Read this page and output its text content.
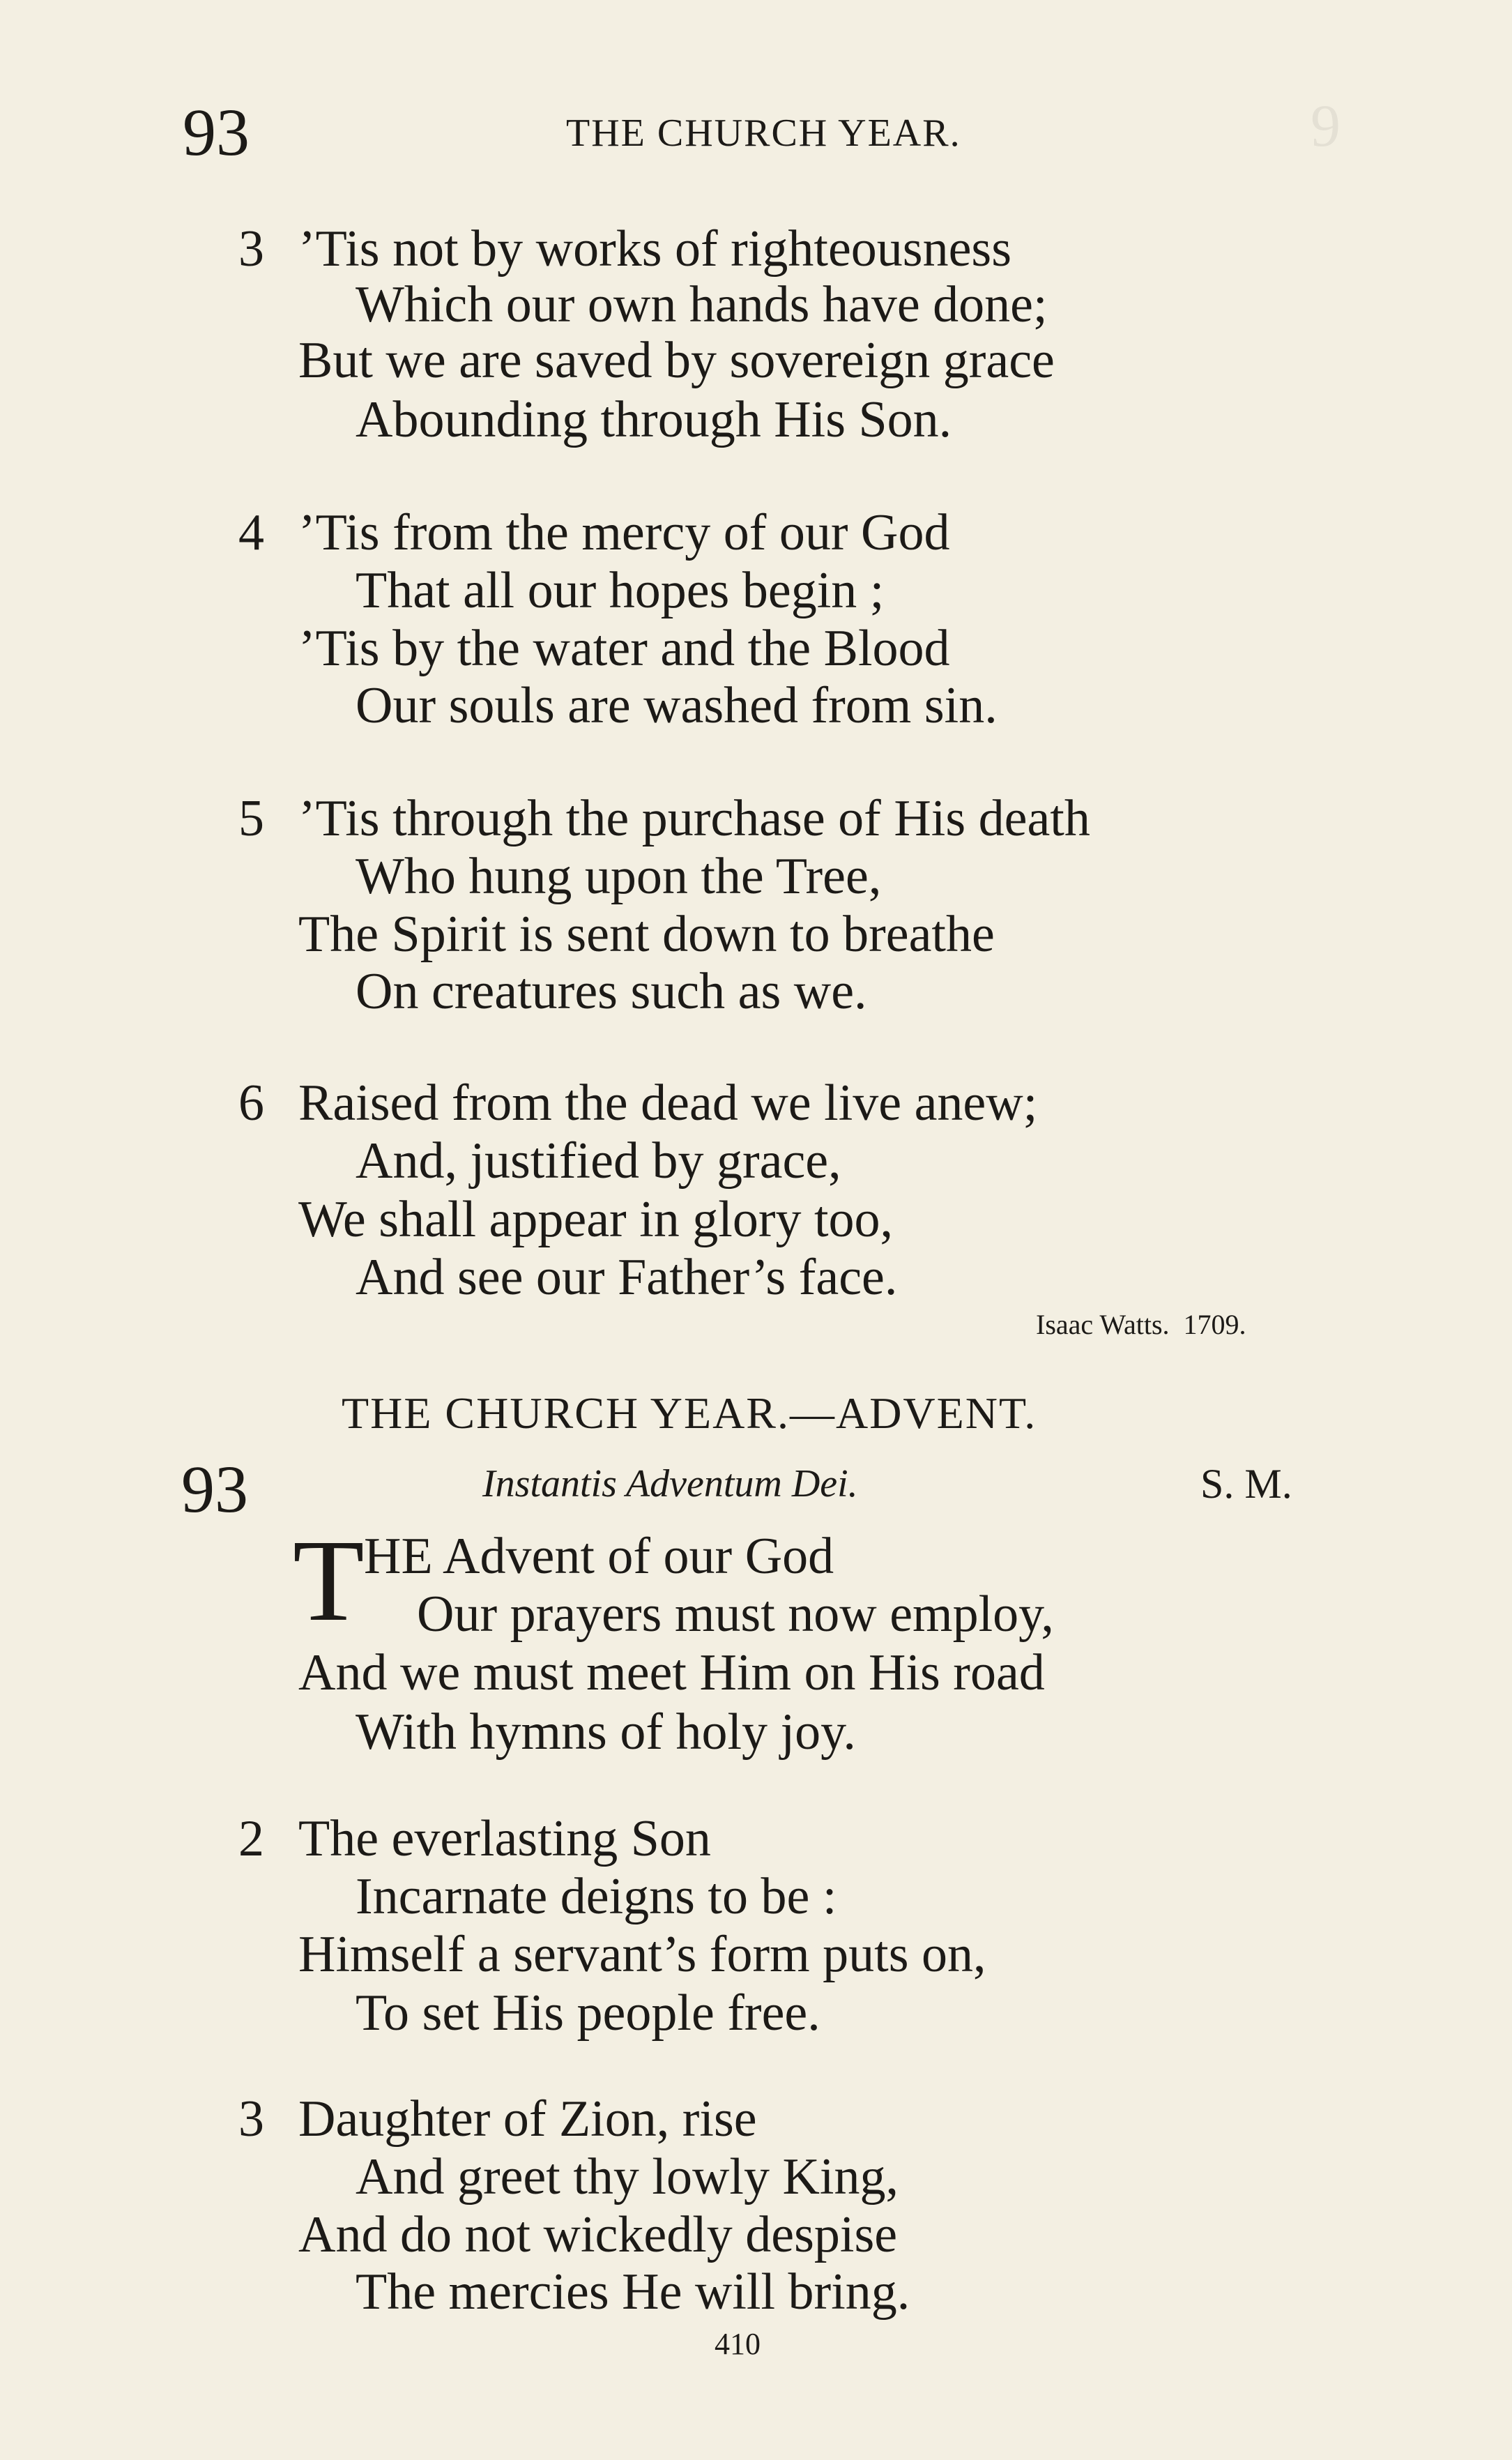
9
93	THE CHURCH YEAR.
3 ’Tis not by works of righteousness
Which our own hands have done;
But we are saved by sovereign grace
Abounding through His Son.
4 ’Tis from the mercy of our God
That all our hopes begin ;
’Tis by the water and the Blood
Our souls are washed from sin.
5 ’Tis through the purchase of His death
Who hung upon the Tree,
The Spirit is sent down to breathe
On creatures such as we.
6 Raised from the dead we live anew;
And, justified by grace,
We shall appear in glory too,
And see our Father’s face.
Isaac Watts.  1709.
THE CHURCH YEAR.—ADVENT.
93	Instantis Adventum Dei.	S. M.
T HE Advent of our God
Our prayers must now employ,
And we must meet Him on His road
With hymns of holy joy.
2 The everlasting Son
Incarnate deigns to be :
Himself a servant’s form puts on,
To set His people free.
3 Daughter of Zion, rise
And greet thy lowly King,
And do not wickedly despise
The mercies He will bring.
410
